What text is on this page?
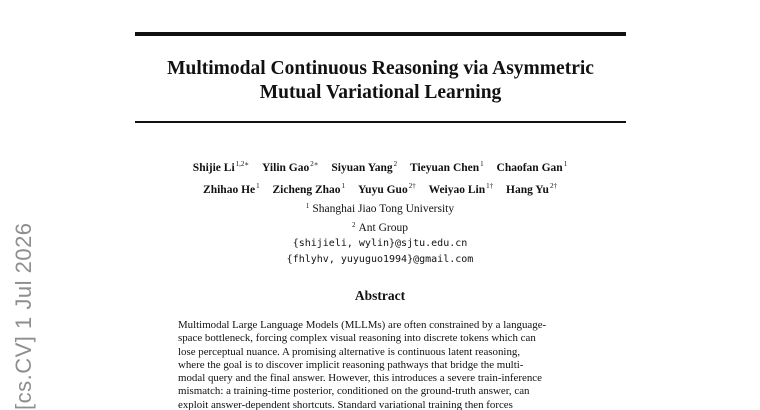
Multimodal Continuous Reasoning via Asymmetric
Mutual Variational Learning
Shijie $Li^{1,2∗}$ Yilin Gao$^{2∗}$ Siyuan Yang$^2$ Tieyuan Chen$^1$ Chaofan Gan$^1$
Zhihao He$^1$ Zicheng Zhao$^1$ Yuyu Guo$^{2\dagger}$ Weiyao Lin$^{1\dagger}$ Hang $Yu^{2\dagger}$
$^1$ Shanghai Jiao Tong University
$^2$ Ant Group
{shijieli, wylin}@sjtu.edu.cn
{fhlyhv, yuyuguo1994}@gmail.com
Abstract
Multimodal Large Language Models (MLLMs) are often constrained by a language-
space bottleneck, forcing complex visual reasoning into discrete tokens which can
lose perceptual nuance. A promising alternative is continuous latent reasoning,
where the goal is to discover implicit reasoning pathways that bridge the multi-
modal query and the final answer. However, this introduces a severe train-inference
mismatch: a training-time posterior, conditioned on the ground-truth answer, can
exploit answer-dependent shortcuts. Standard variational training then forces
[cs.CV] 1 Jul 2026
